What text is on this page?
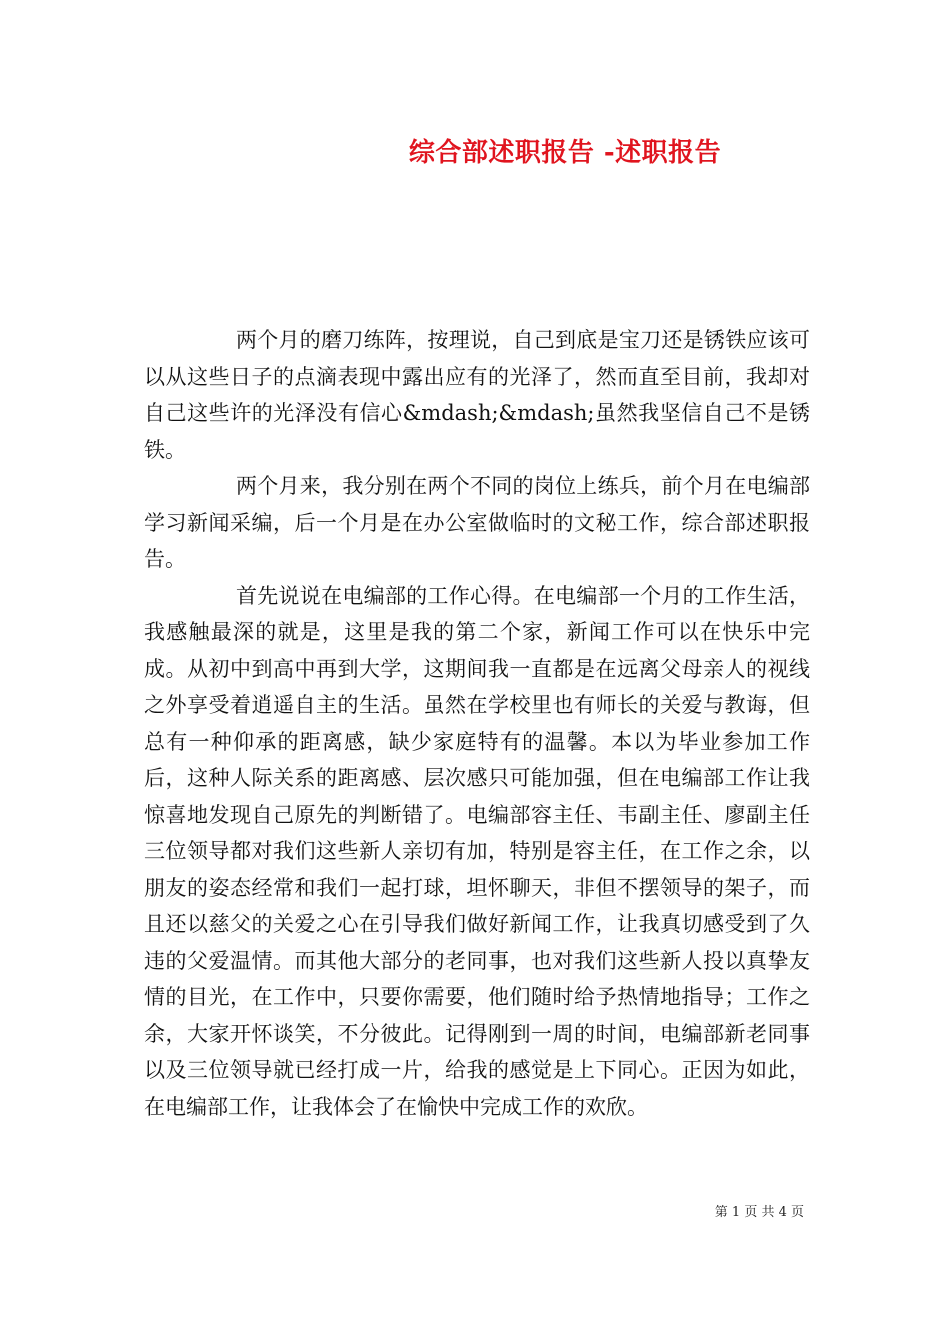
综合部述职报告 -述职报告

两个月的磨刀练阵，按理说，自己到底是宝刀还是锈铁应该可以从这些日子的点滴表现中露出应有的光泽了，然而直至目前，我却对自己这些许的光泽没有信心&mdash;&mdash;虽然我坚信自己不是锈铁。

两个月来，我分别在两个不同的岗位上练兵，前个月在电编部学习新闻采编，后一个月是在办公室做临时的文秘工作，综合部述职报告。

首先说说在电编部的工作心得。在电编部一个月的工作生活，我感触最深的就是，这里是我的第二个家，新闻工作可以在快乐中完成。从初中到高中再到大学，这期间我一直都是在远离父母亲人的视线之外享受着逍遥自主的生活。虽然在学校里也有师长的关爱与教诲，但总有一种仰承的距离感，缺少家庭特有的温馨。本以为毕业参加工作后，这种人际关系的距离感、层次感只可能加强，但在电编部工作让我惊喜地发现自己原先的判断错了。电编部容主任、韦副主任、廖副主任三位领导都对我们这些新人亲切有加，特别是容主任，在工作之余，以朋友的姿态经常和我们一起打球，坦怀聊天，非但不摆领导的架子，而且还以慈父的关爱之心在引导我们做好新闻工作，让我真切感受到了久违的父爱温情。而其他大部分的老同事，也对我们这些新人投以真挚友情的目光，在工作中，只要你需要，他们随时给予热情地指导；工作之余，大家开怀谈笑，不分彼此。记得刚到一周的时间，电编部新老同事以及三位领导就已经打成一片，给我的感觉是上下同心。正因为如此，在电编部工作，让我体会了在愉快中完成工作的欢欣。

第 1 页 共 4 页
